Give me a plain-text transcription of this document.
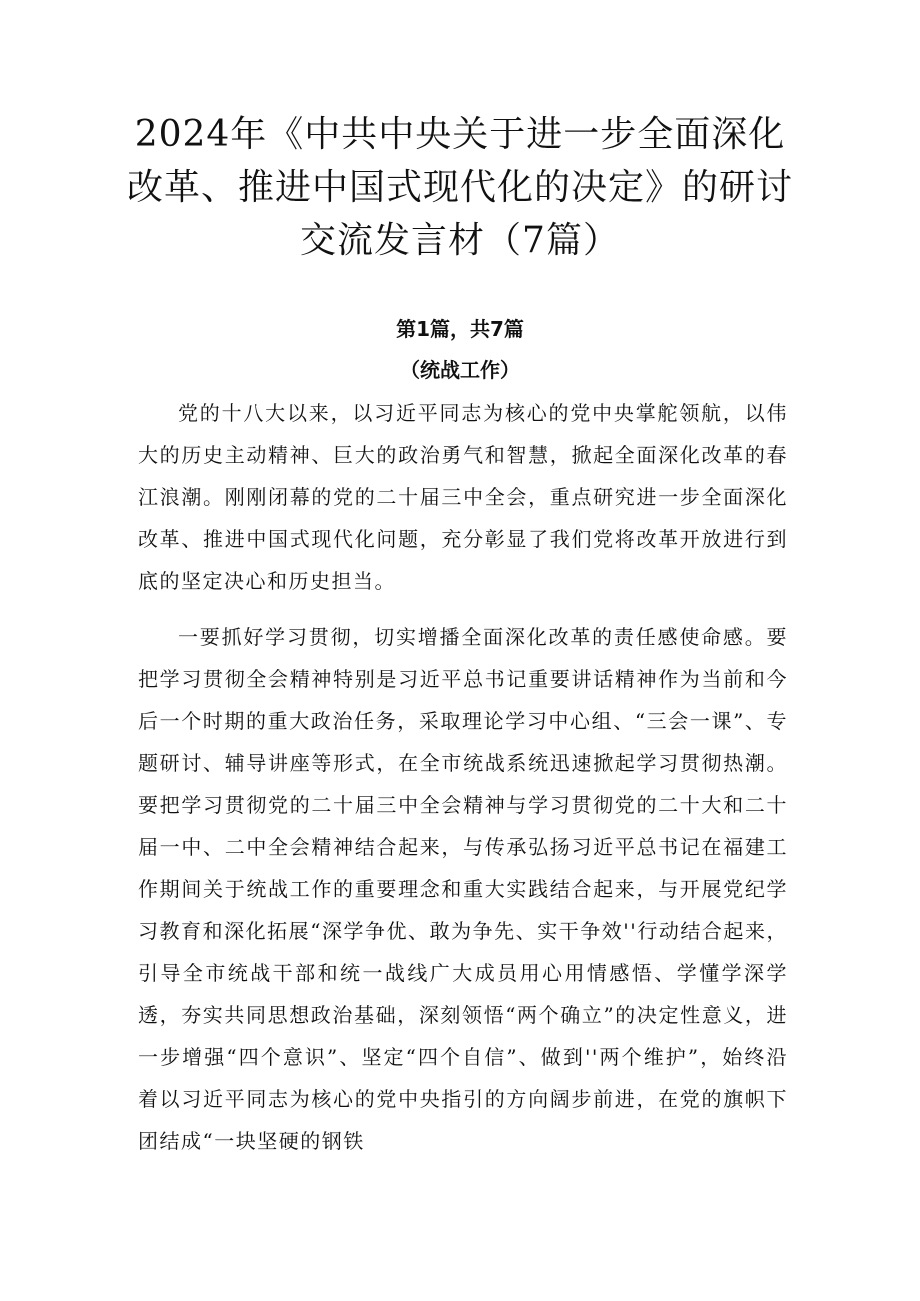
2024年《中共中央关于进一步全面深化改革、推进中国式现代化的决定》的研讨交流发言材（7篇）
第1篇，共7篇
（统战工作）

党的十八大以来，以习近平同志为核心的党中央掌舵领航，以伟大的历史主动精神、巨大的政治勇气和智慧，掀起全面深化改革的春江浪潮。刚刚闭幕的党的二十届三中全会，重点研究进一步全面深化改革、推进中国式现代化问题，充分彰显了我们党将改革开放进行到底的坚定决心和历史担当。

一要抓好学习贯彻，切实增播全面深化改革的责任感使命感。要把学习贯彻全会精神特别是习近平总书记重要讲话精神作为当前和今后一个时期的重大政治任务，采取理论学习中心组、“三会一课”、专题研讨、辅导讲座等形式，在全市统战系统迅速掀起学习贯彻热潮。要把学习贯彻党的二十届三中全会精神与学习贯彻党的二十大和二十届一中、二中全会精神结合起来，与传承弘扬习近平总书记在福建工作期间关于统战工作的重要理念和重大实践结合起来，与开展党纪学习教育和深化拓展“深学争优、敢为争先、实干争效''行动结合起来，引导全市统战干部和统一战线广大成员用心用情感悟、学懂学深学透，夯实共同思想政治基础，深刻领悟“两个确立”的决定性意义，进一步增强“四个意识”、坚定“四个自信”、做到''两个维护”，始终沿着以习近平同志为核心的党中央指引的方向阔步前进，在党的旗帜下团结成“一块坚硬的钢铁
